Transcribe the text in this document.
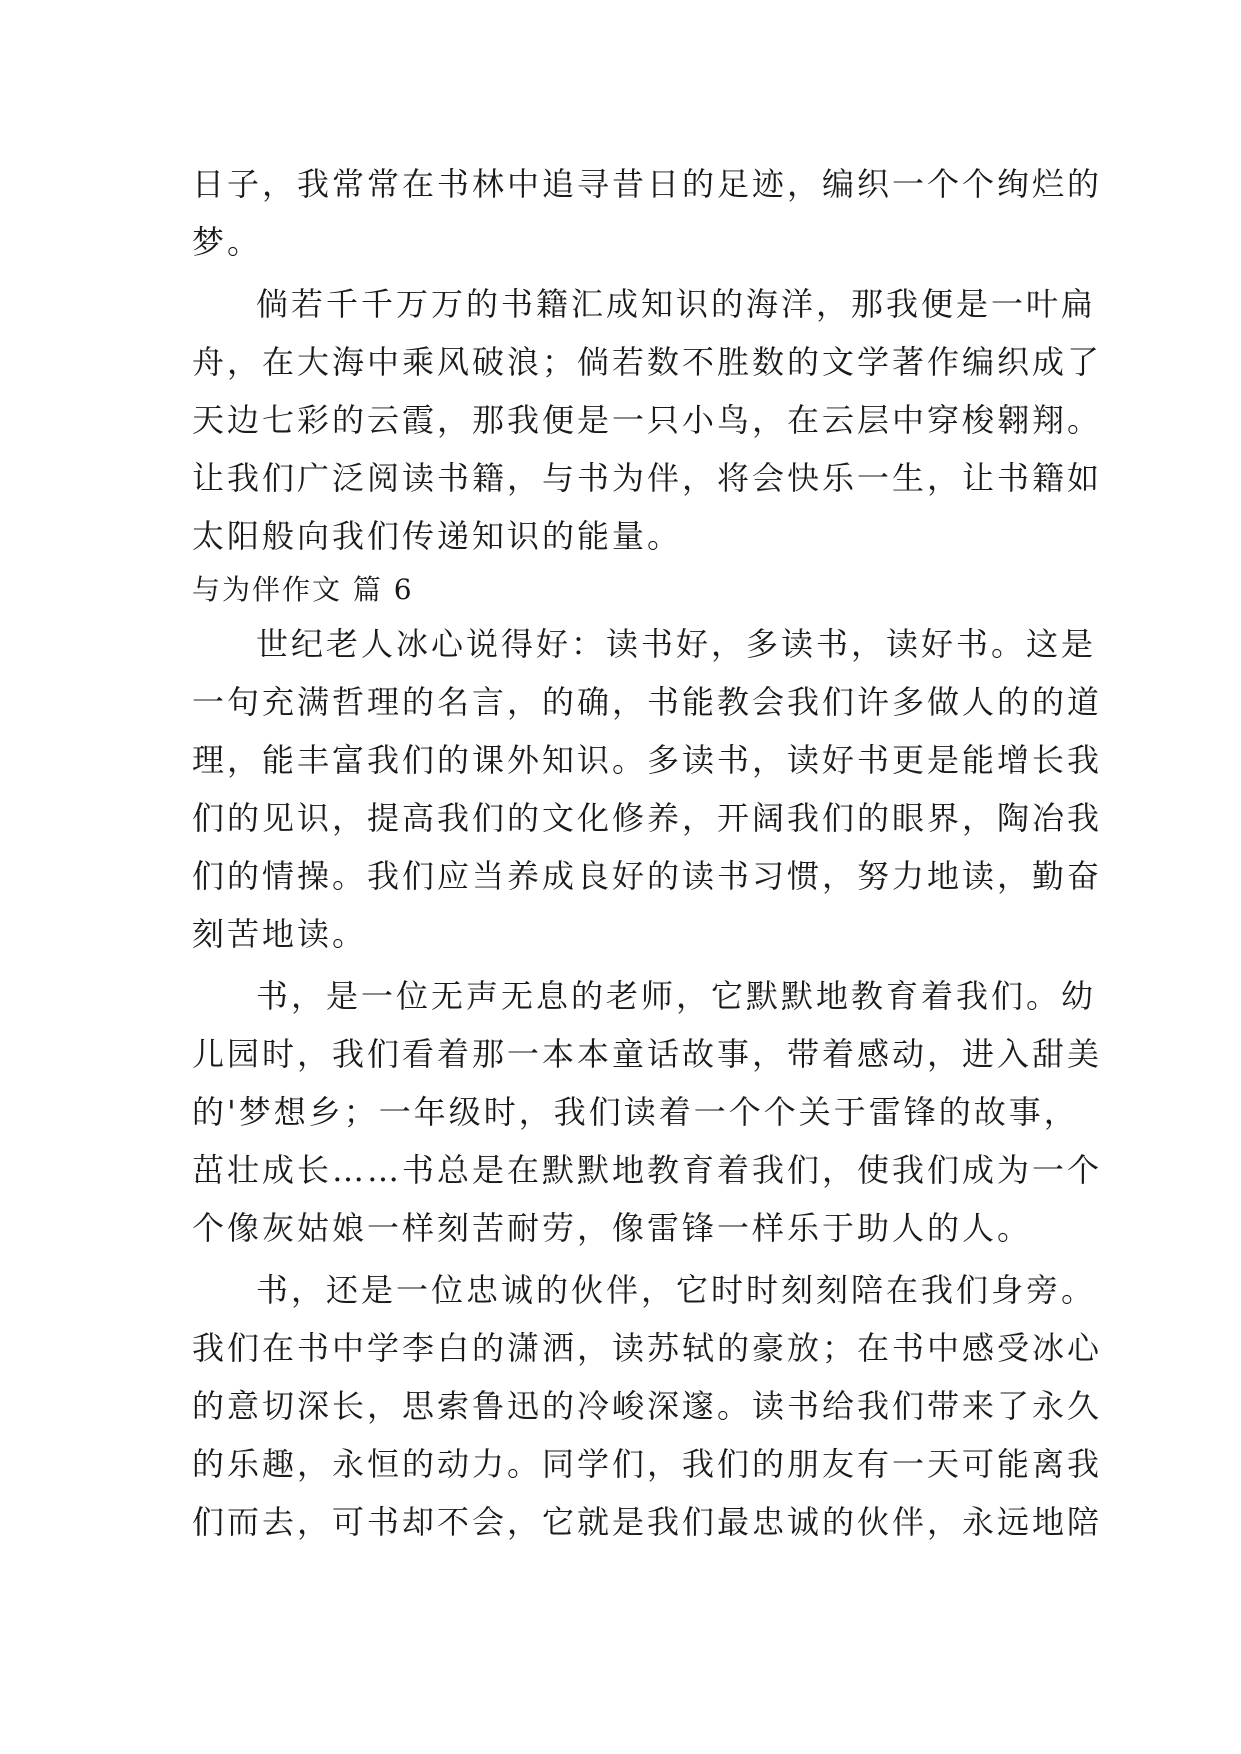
日子，我常常在书林中追寻昔日的足迹，编织一个个绚烂的
梦。
倘若千千万万的书籍汇成知识的海洋，那我便是一叶扁
舟，在大海中乘风破浪；倘若数不胜数的文学著作编织成了
天边七彩的云霞，那我便是一只小鸟，在云层中穿梭翱翔。
让我们广泛阅读书籍，与书为伴，将会快乐一生，让书籍如
太阳般向我们传递知识的能量。
与为伴作文 篇 6
世纪老人冰心说得好：读书好，多读书，读好书。这是
一句充满哲理的名言，的确，书能教会我们许多做人的的道
理，能丰富我们的课外知识。多读书，读好书更是能增长我
们的见识，提高我们的文化修养，开阔我们的眼界，陶冶我
们的情操。我们应当养成良好的读书习惯，努力地读，勤奋
刻苦地读。
书，是一位无声无息的老师，它默默地教育着我们。幼
儿园时，我们看着那一本本童话故事，带着感动，进入甜美
的'梦想乡；一年级时，我们读着一个个关于雷锋的故事，
茁壮成长……书总是在默默地教育着我们，使我们成为一个
个像灰姑娘一样刻苦耐劳，像雷锋一样乐于助人的人。
书，还是一位忠诚的伙伴，它时时刻刻陪在我们身旁。
我们在书中学李白的潇洒，读苏轼的豪放；在书中感受冰心
的意切深长，思索鲁迅的冷峻深邃。读书给我们带来了永久
的乐趣，永恒的动力。同学们，我们的朋友有一天可能离我
们而去，可书却不会，它就是我们最忠诚的伙伴，永远地陪
